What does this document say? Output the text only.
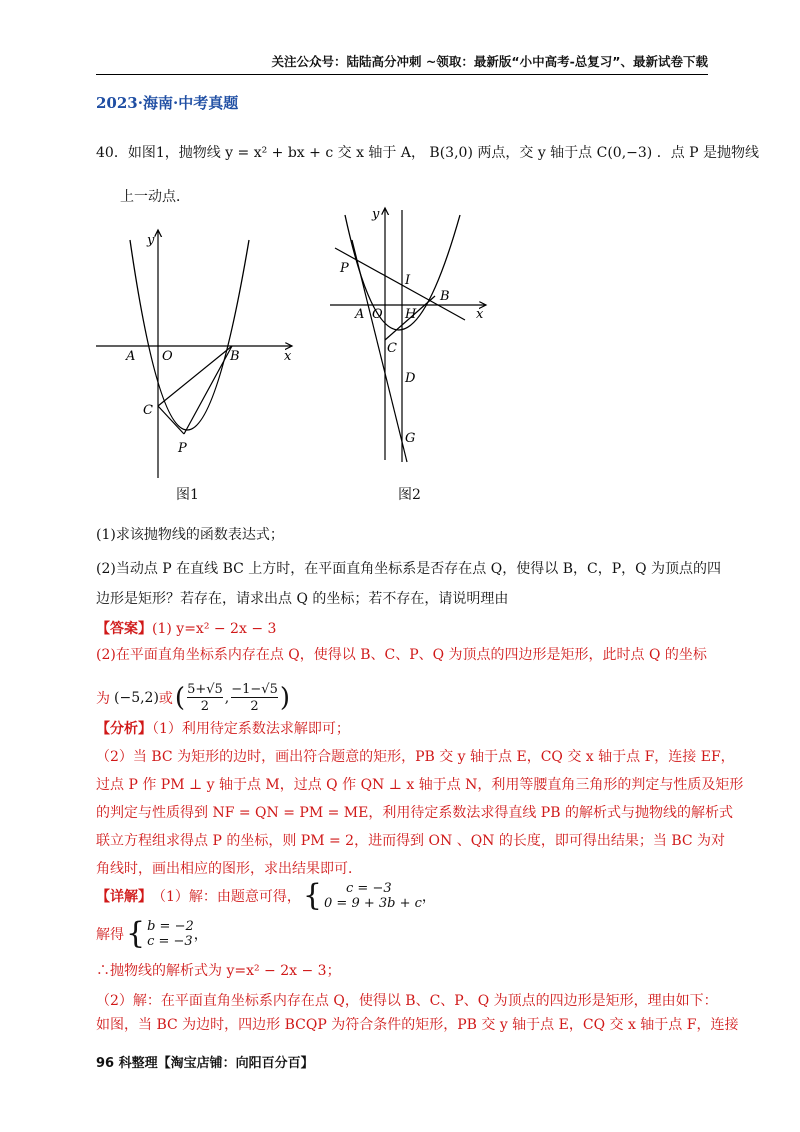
关注公众号：陆陆高分冲刺 ~领取：最新版“小中高考-总复习”、最新试卷下载
2023·海南·中考真题
40．如图1，抛物线 y = x² + bx + c 交 x 轴于 A， B(3,0) 两点，交 y 轴于点 C(0,−3) ．点 P 是抛物线
上一动点．
y
A O	B	x
C
P
y
P
I
B
A O H	x
C
D
G
图1	图2
(1)求该抛物线的函数表达式；
(2)当动点 P 在直线 BC 上方时，在平面直角坐标系是否存在点 Q，使得以 B，C，P，Q 为顶点的四
边形是矩形？若存在，请求出点 Q 的坐标；若不存在，请说明理由
【答案】(1) y=x² − 2x − 3
(2)在平面直角坐标系内存在点 Q，使得以 B、C、P、Q 为顶点的四边形是矩形，此时点 Q 的坐标
为 (−5,2) 或 ( 5+√5
2
,
−1−√5
2 )
【分析】（1）利用待定系数法求解即可；
（2）当 BC 为矩形的边时，画出符合题意的矩形，PB 交 y 轴于点 E，CQ 交 x 轴于点 F，连接 EF，
过点 P 作 PM ⊥ y 轴于点 M，过点 Q 作 QN ⊥ x 轴于点 N，利用等腰直角三角形的判定与性质及矩形
的判定与性质得到 NF = QN = PM = ME，利用待定系数法求得直线 PB 的解析式与抛物线的解析式
联立方程组求得点 P 的坐标，则 PM = 2，进而得到 ON 、QN 的长度，即可得出结果；当 BC 为对
角线时，画出相应的图形，求出结果即可．
【详解】 （1）解：由题意可得， {	c = −3
0 = 9 + 3b + c ，
解得 { b = −2
c = −3 ，
∴抛物线的解析式为 y=x² − 2x − 3；
（2）解：在平面直角坐标系内存在点 Q，使得以 B、C、P、Q 为顶点的四边形是矩形，理由如下：
如图，当 BC 为边时，四边形 BCQP 为符合条件的矩形，PB 交 y 轴于点 E，CQ 交 x 轴于点 F，连接
96 科整理【淘宝店铺：向阳百分百】
